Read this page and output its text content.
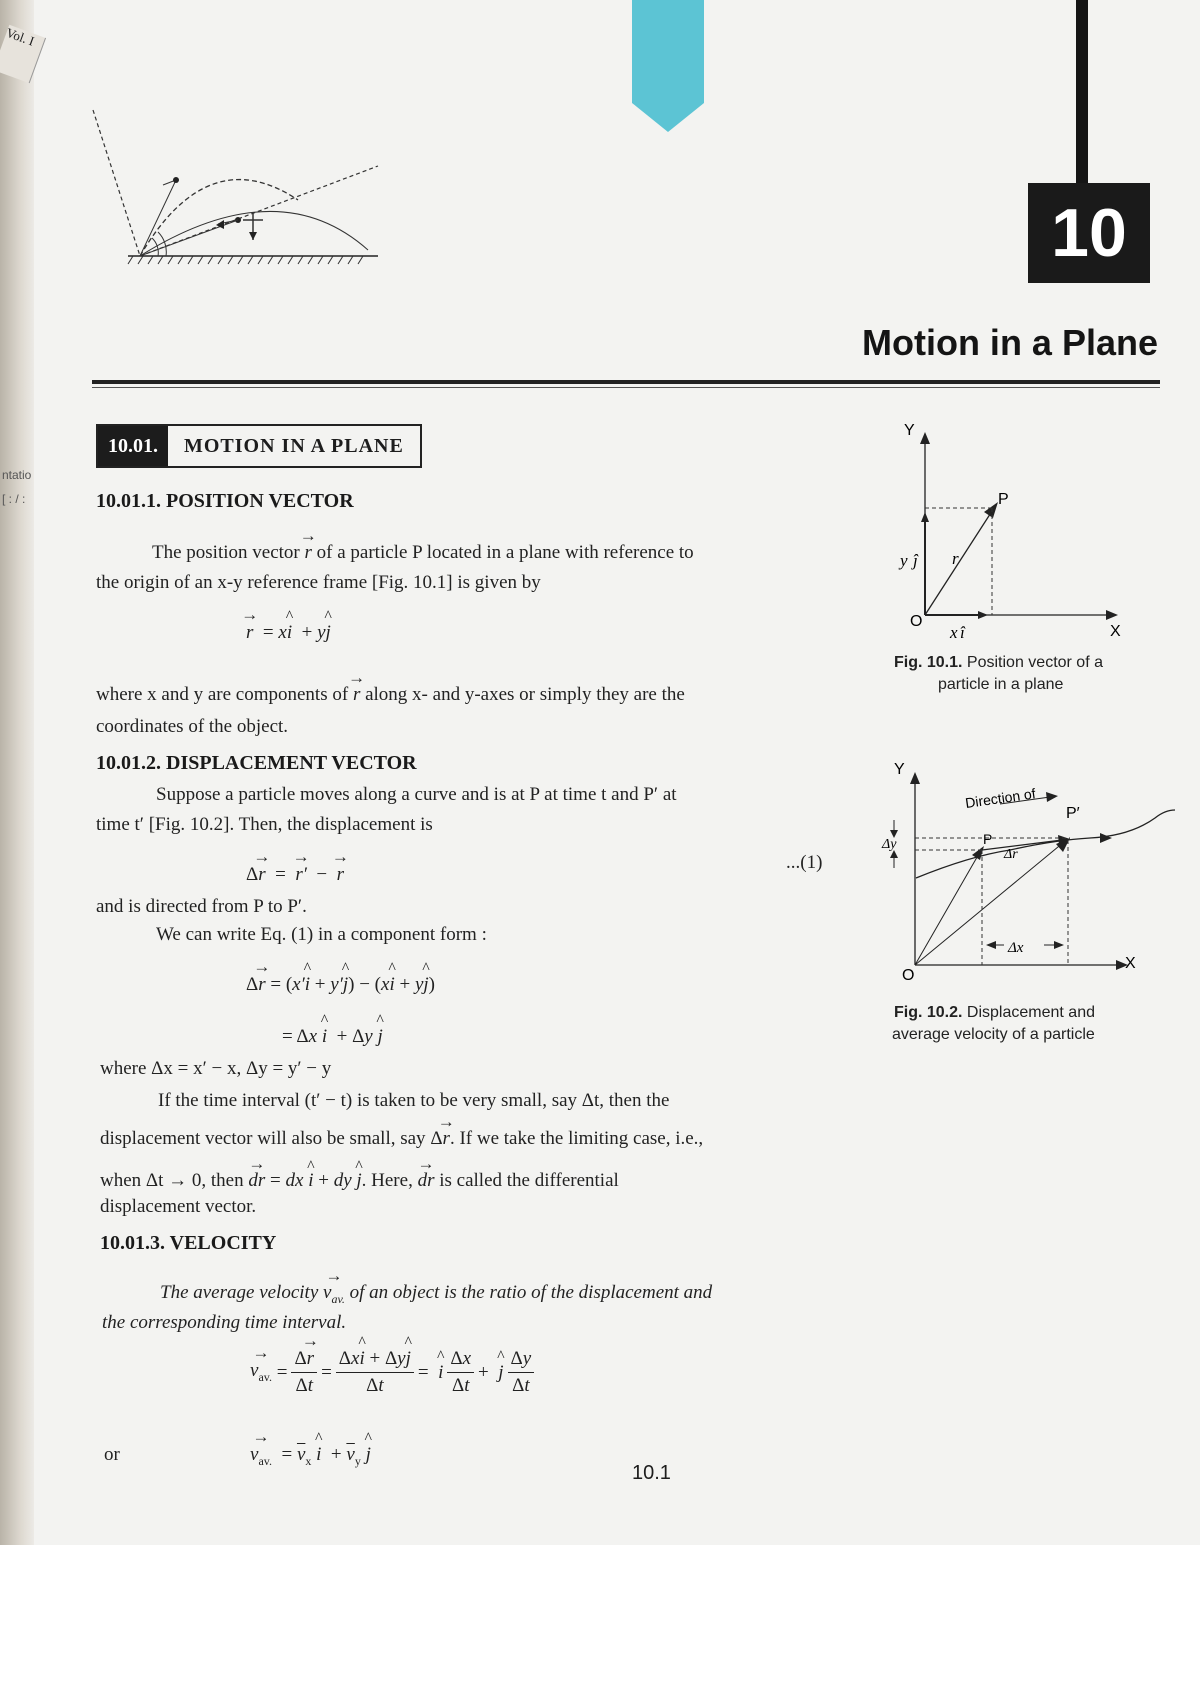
Vol. I
ntatio
[ : / :
10
Motion in a Plane
10.01.	MOTION IN A PLANE
10.01.1. POSITION VECTOR
The position vector → r of a particle P located in a plane with reference to
the origin of an x-y reference frame [Fig. 10.1] is given by
→ r  = x^ i  + y^ j
where x and y are components of → r along x- and y-axes or simply they are the
coordinates of the object.
10.01.2. DISPLACEMENT VECTOR
Suppose a particle moves along a curve and is at P at time t and P′ at
time t′ [Fig. 10.2]. Then, the displacement is
Δ→ r  =  → r′  −  → r
...(1)
and is directed from P to P′.
We can write Eq. (1) in a component form :
Δ→ r = (x′^ i + y′^ j) − (x^ i + y^ j)
= Δx ^ i  + Δy ^ j
where Δx = x′ − x, Δy = y′ − y
If the time interval (t′ − t) is taken to be very small, say Δt, then the
displacement vector will also be small, say Δ→ r. If we take the limiting case, i.e.,
when Δt → 0, then → dr = dx ^ i + dy ^ j. Here, → dr is called the differential
displacement vector.
10.01.3. VELOCITY
The average velocity → $v_{av.}$ of an object is the ratio of the displacement and
the corresponding time interval.
→ $v_{av.} = \frac{\Delta\to r}{\Delta t} = \frac{\Delta x\^{} i + \Delta y\^{} j}{\Delta t}$ = ^ i $\frac{\Delta x}{\Delta t}$ + ^ j $\frac{\Delta y}{\Delta t}$
or	→ $v_{av.} = \overline{v}_x$ ^ $i + \overline{v}_y$ ^ j
Y
X
O
P
y ĵ r
x î
Fig. 10.1. Position vector of a
particle in a plane
Y
X
O
P
P′
Direction of
Δx
Δy
Δr
Fig. 10.2. Displacement and
average velocity of a particle
10.1
